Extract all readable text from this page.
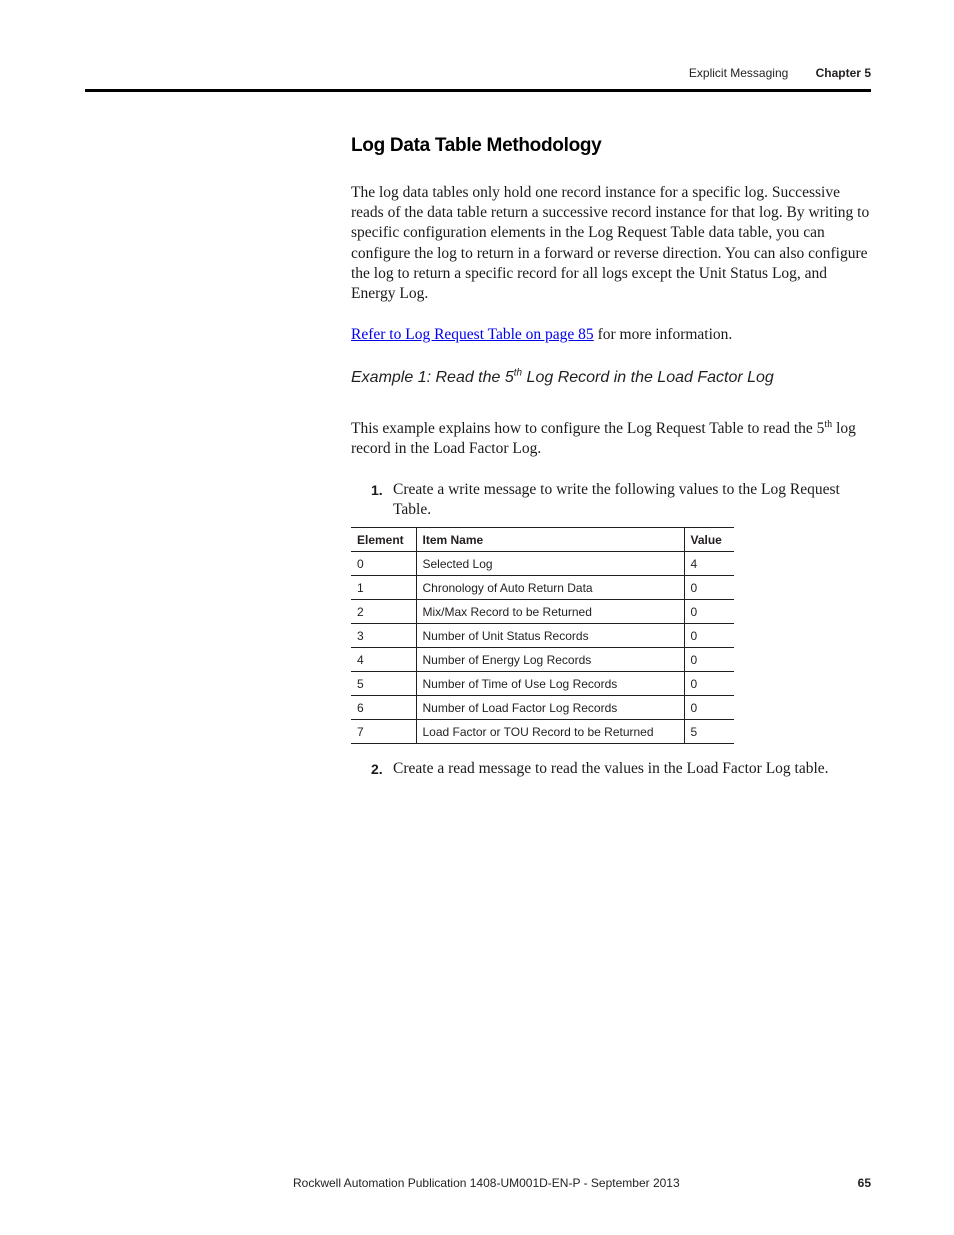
Explicit Messaging Chapter 5
Log Data Table Methodology

The log data tables only hold one record instance for a specific log. Successive reads of the data table return a successive record instance for that log. By writing to specific configuration elements in the Log Request Table data table, you can configure the log to return in a forward or reverse direction. You can also configure the log to return a specific record for all logs except the Unit Status Log, and Energy Log.

Refer to Log Request Table on page 85 for more information.

Example 1: Read the 5th Log Record in the Load Factor Log

This example explains how to configure the Log Request Table to read the 5th log record in the Load Factor Log.

1. Create a write message to write the following values to the Log Request Table.
Element	Item Name	Value
0	Selected Log	4
1	Chronology of Auto Return Data	0
2	Mix/Max Record to be Returned	0
3	Number of Unit Status Records	0
4	Number of Energy Log Records	0
5	Number of Time of Use Log Records	0
6	Number of Load Factor Log Records	0
7	Load Factor or TOU Record to be Returned	5
2. Create a read message to read the values in the Load Factor Log table.
Rockwell Automation Publication 1408-UM001D-EN-P - September 2013	65
